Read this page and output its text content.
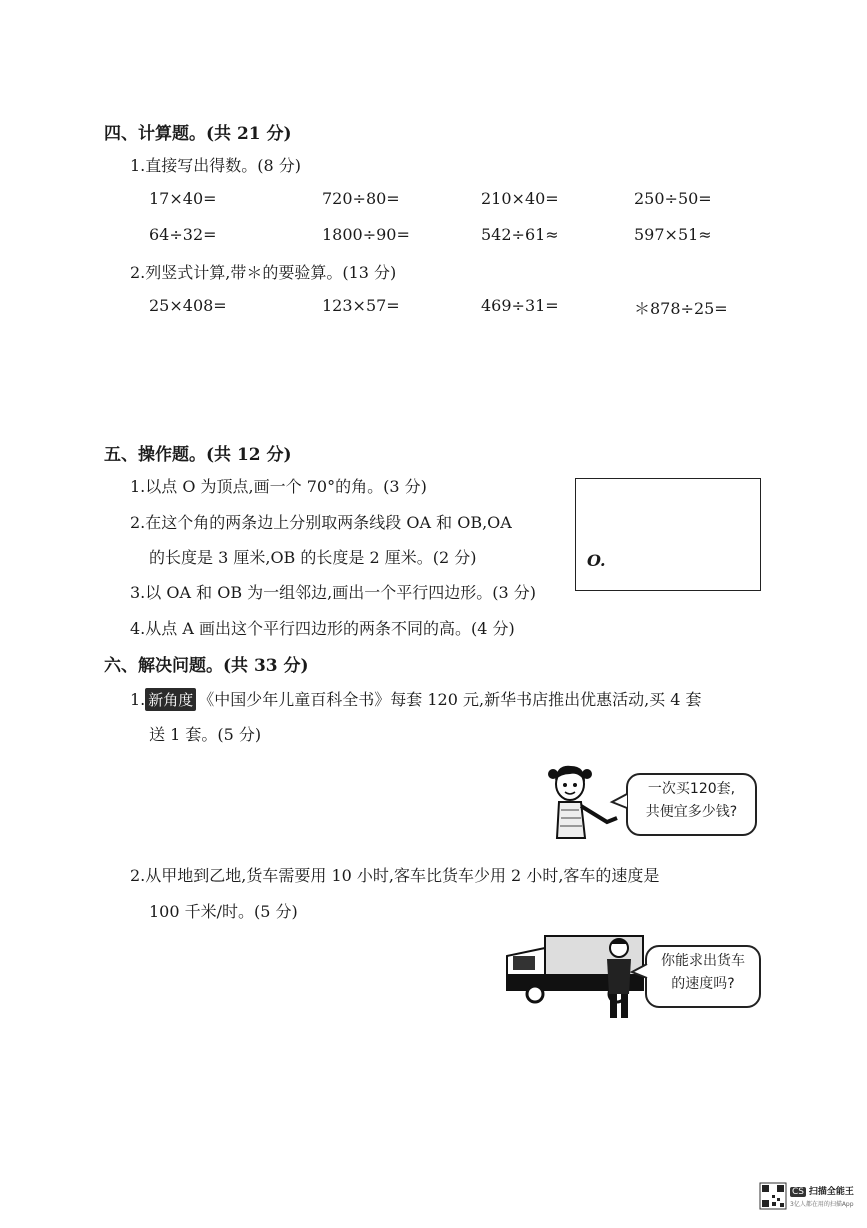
四、计算题。(共 21 分)
1.直接写出得数。(8 分)
17×40=	720÷80=	210×40=	250÷50=
64÷32=	1800÷90=	542÷61≈	597×51≈
2.列竖式计算,带＊的要验算。(13 分)
25×408=	123×57=	469÷31=	＊878÷25=
五、操作题。(共 12 分)
1.以点 O 为顶点,画一个 70°的角。(3 分)
2.在这个角的两条边上分别取两条线段 OA 和 OB,OA
的长度是 3 厘米,OB 的长度是 2 厘米。(2 分)
3.以 OA 和 OB 为一组邻边,画出一个平行四边形。(3 分)
4.从点 A 画出这个平行四边形的两条不同的高。(4 分)
O.
六、解决问题。(共 33 分)
1. 新角度 《中国少年儿童百科全书》每套 120 元,新华书店推出优惠活动,买 4 套
送 1 套。(5 分)
一次买120套,
共便宜多少钱?
2.从甲地到乙地,货车需要用 10 小时,客车比货车少用 2 小时,客车的速度是
100 千米/时。(5 分)
你能求出货车
的速度吗?
CS 扫描全能王
3亿人都在用的扫描App
